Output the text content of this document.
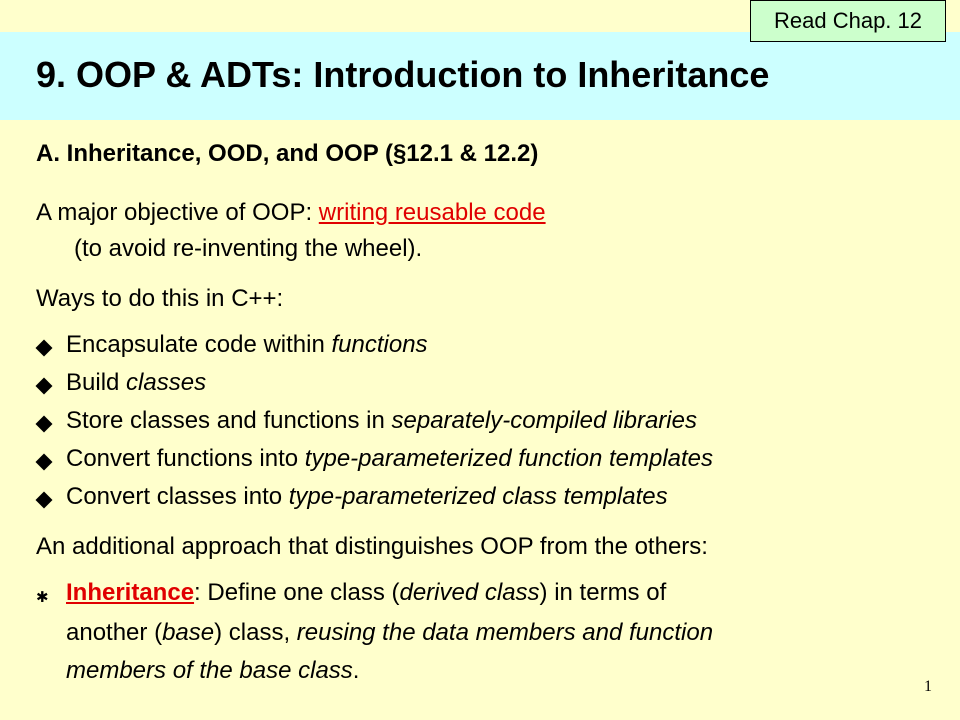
9. OOP & ADTs: Introduction to Inheritance
Read Chap. 12
A. Inheritance, OOD, and OOP (§12.1 & 12.2)
A major objective of OOP: writing reusable code
(to avoid re-inventing the wheel).
Ways to do this in C++:
Encapsulate code within functions
Build classes
Store classes and functions in separately-compiled libraries
Convert functions into type-parameterized function templates
Convert classes into type-parameterized class templates
An additional approach that distinguishes OOP from the others:
✱ Inheritance: Define one class (derived class) in terms of
another (base) class, reusing the data members and function
members of the base class.
1
